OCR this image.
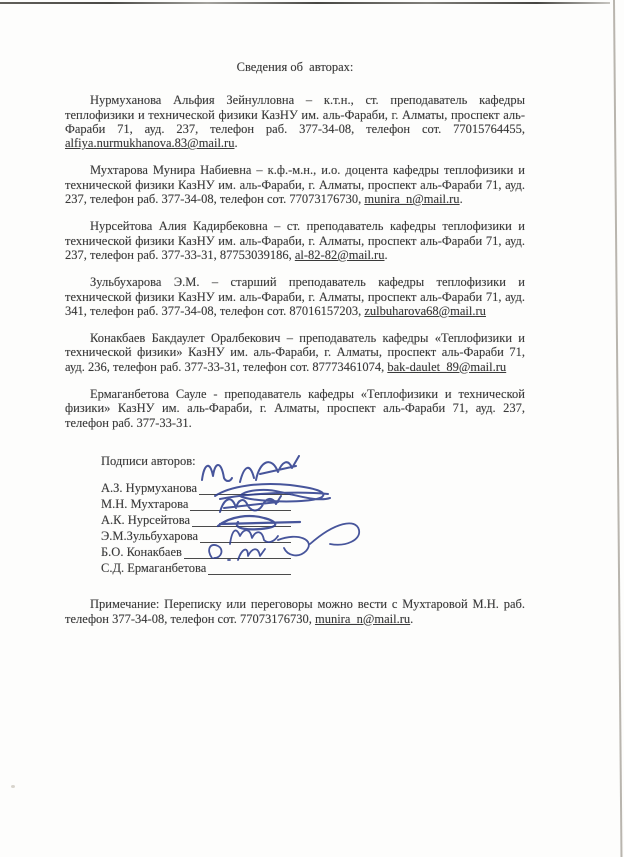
Сведения об  авторах:

Нурмуханова Альфия Зейнулловна – к.т.н., ст. преподаватель кафедры теплофизики и технической физики КазНУ им. аль-Фараби, г. Алматы, проспект аль-Фараби 71, ауд. 237, телефон раб. 377-34-08, телефон сот. 77015764455, alfiya.nurmukhanova.83@mail.ru.

Мухтарова Мунира Набиевна – к.ф.-м.н., и.о. доцента кафедры теплофизики и технической физики КазНУ им. аль-Фараби, г. Алматы, проспект аль-Фараби 71, ауд. 237, телефон раб. 377-34-08, телефон сот. 77073176730, munira_n@mail.ru.

Нурсейтова Алия Кадирбековна – ст. преподаватель кафедры теплофизики и технической физики КазНУ им. аль-Фараби, г. Алматы, проспект аль-Фараби 71, ауд. 237, телефон раб. 377-33-31, 87753039186, al-82-82@mail.ru.

Зульбухарова Э.М. – старший преподаватель кафедры теплофизики и технической физики КазНУ им. аль-Фараби, г. Алматы, проспект аль-Фараби 71, ауд. 341, телефон раб. 377-34-08, телефон сот. 87016157203, zulbuharova68@mail.ru

Конакбаев Бакдаулет Оралбекович – преподаватель кафедры «Теплофизики и технической физики» КазНУ им. аль-Фараби, г. Алматы, проспект аль-Фараби 71, ауд. 236, телефон раб. 377-33-31, телефон сот. 87773461074, bak-daulet_89@mail.ru

Ермаганбетова Сауле - преподаватель кафедры «Теплофизики и технической физики» КазНУ им. аль-Фараби, г. Алматы, проспект аль-Фараби 71, ауд. 237, телефон раб. 377-33-31.

Подписи авторов:

А.З. Нурмуханова
М.Н. Мухтарова
А.К. Нурсейтова
Э.М.Зульбухарова
Б.О. Конакбаев
С.Д. Ермаганбетова

Примечание: Переписку или переговоры можно вести с Мухтаровой М.Н. раб. телефон 377-34-08, телефон сот. 77073176730, munira_n@mail.ru.
